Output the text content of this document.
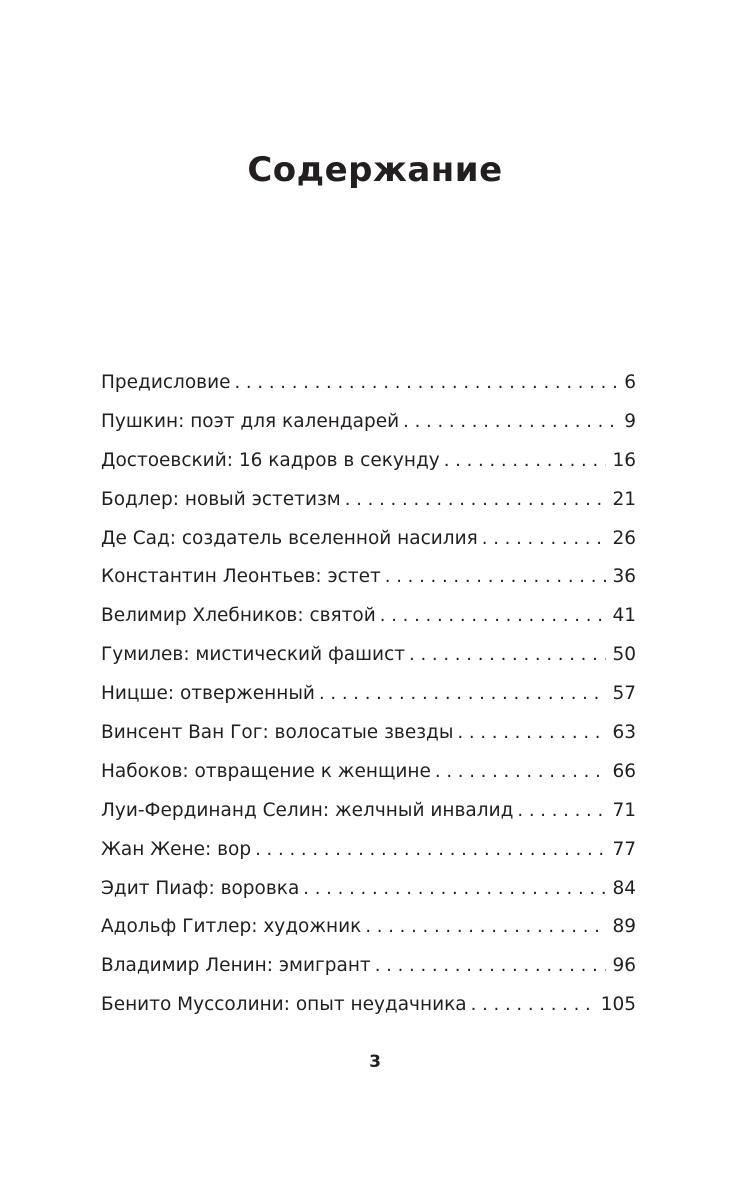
Содержание
Предисловие . . .	6
Пушкин: поэт для календарей . . .	9
Достоевский: 16 кадров в секунду . . .	16
Бодлер: новый эстетизм . . .	21
Де Сад: создатель вселенной насилия . . .	26
Константин Леонтьев: эстет . . .	36
Велимир Хлебников: святой . . .	41
Гумилев: мистический фашист . . .	50
Ницше: отверженный . . .	57
Винсент Ван Гог: волосатые звезды . . .	63
Набоков: отвращение к женщине . . .	66
Луи-Фердинанд Селин: желчный инвалид . . .	71
Жан Жене: вор . . .	77
Эдит Пиаф: воровка . . .	84
Адольф Гитлер: художник . . .	89
Владимир Ленин: эмигрант . . .	96
Бенито Муссолини: опыт неудачника . . .	105
3
